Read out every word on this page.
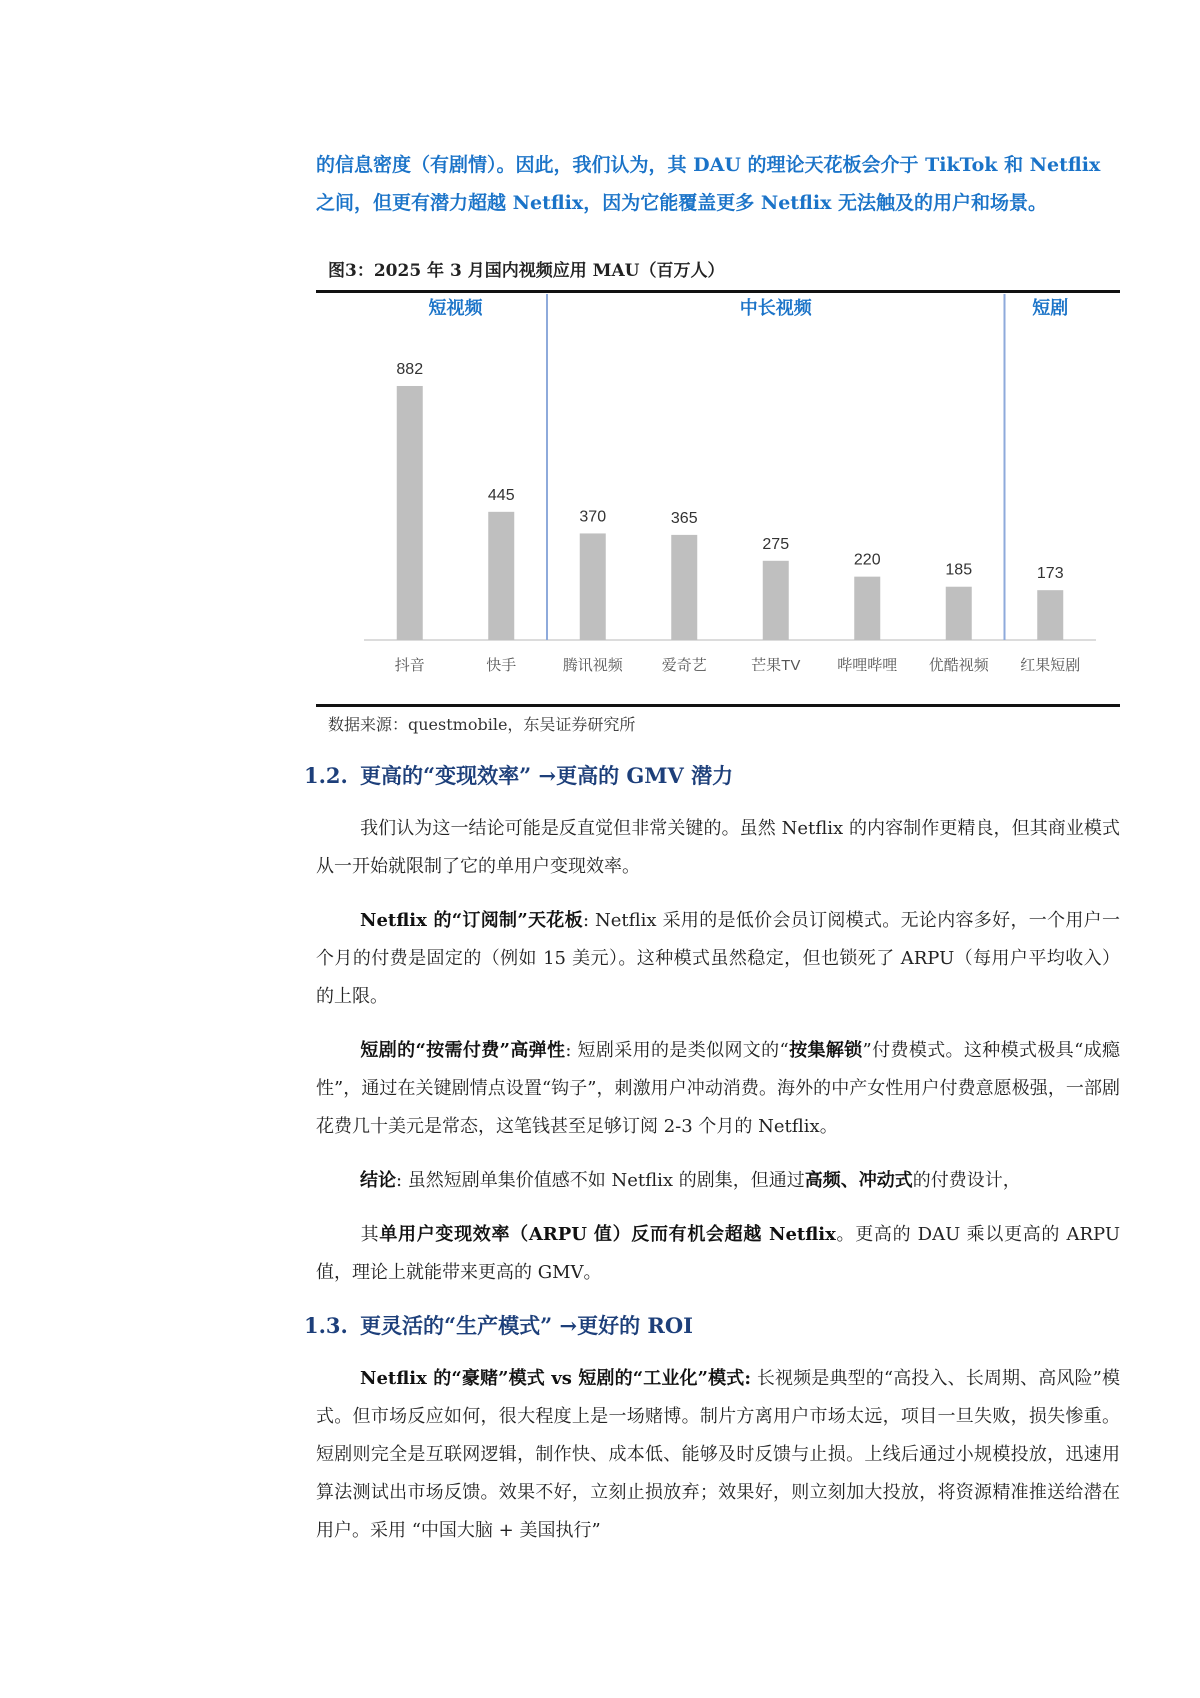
的信息密度（有剧情）。因此，我们认为，其 DAU 的理论天花板会介于 TikTok 和 Netflix
之间，但更有潜力超越 Netflix，因为它能覆盖更多 Netflix 无法触及的用户和场景。
图3：2025 年 3 月国内视频应用 MAU（百万人）
882
抖音
445
快手
370
腾讯视频
365
爱奇艺
275
芒果TV
220
哔哩哔哩
185
优酷视频
173
红果短剧
短视频	中长视频	短剧
数据来源：questmobile，东吴证券研究所
1.2. 更高的“变现效率” →更高的 GMV 潜力
我们认为这一结论可能是反直觉但非常关键的。虽然 Netflix 的内容制作更精良，但其商业模式从一开始就限制了它的单用户变现效率。
Netflix 的“订阅制”天花板: Netflix 采用的是低价会员订阅模式。无论内容多好，一个用户一个月的付费是固定的（例如 15 美元）。这种模式虽然稳定，但也锁死了 ARPU（每用户平均收入）的上限。
短剧的“按需付费”高弹性: 短剧采用的是类似网文的“按集解锁”付费模式。这种模式极具“成瘾性”，通过在关键剧情点设置“钩子”，刺激用户冲动消费。海外的中产女性用户付费意愿极强，一部剧花费几十美元是常态，这笔钱甚至足够订阅 2-3 个月的 Netflix。
结论: 虽然短剧单集价值感不如 Netflix 的剧集，但通过高频、冲动式的付费设计，
其单用户变现效率（ARPU 值）反而有机会超越 Netflix。更高的 DAU 乘以更高的 ARPU 值，理论上就能带来更高的 GMV。
1.3. 更灵活的“生产模式” →更好的 ROI
Netflix 的“豪赌”模式 vs 短剧的“工业化”模式: 长视频是典型的“高投入、长周期、高风险”模式。但市场反应如何，很大程度上是一场赌博。制片方离用户市场太远，项目一旦失败，损失惨重。短剧则完全是互联网逻辑，制作快、成本低、能够及时反馈与止损。上线后通过小规模投放，迅速用算法测试出市场反馈。效果不好，立刻止损放弃；效果好，则立刻加大投放，将资源精准推送给潜在用户。采用 “中国大脑 + 美国执行”
